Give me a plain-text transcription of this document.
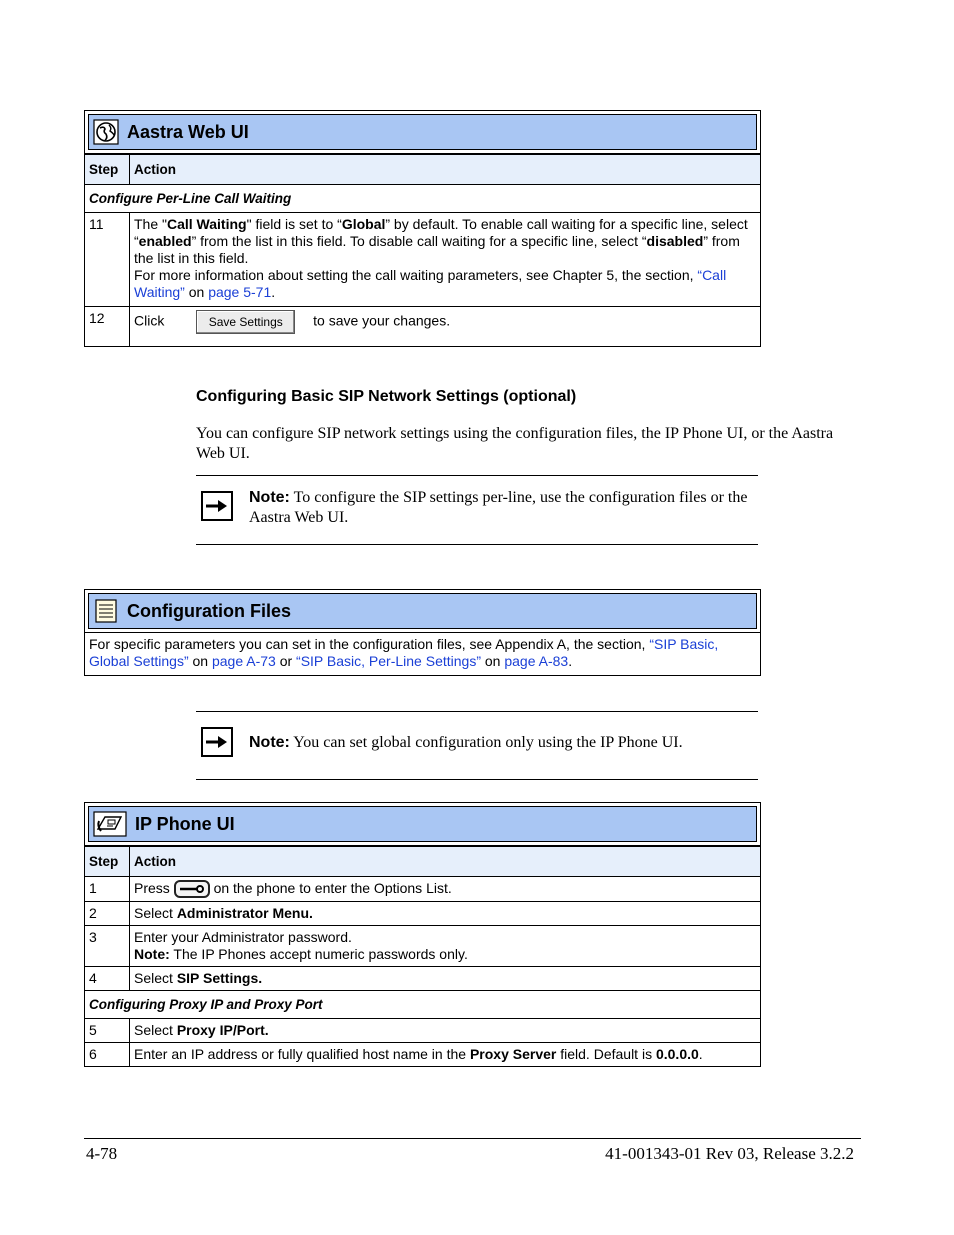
Aastra Web UI
Step	Action
Configure Per-Line Call Waiting	
11	The "Call Waiting" field is set to “Global” by default. To enable call waiting for a specific line, select “enabled” from the list in this field. To disable call waiting for a specific line, select “disabled” from the list in this field.
For more information about setting the call waiting parameters, see Chapter 5, the section, “Call Waiting” on page 5-71.
12	Click Save Settings to save your changes.
Configuring Basic SIP Network Settings (optional)
You can configure SIP network settings using the configuration files, the IP Phone UI, or the Aastra Web UI.
Note: To configure the SIP settings per-line, use the configuration files or the Aastra Web UI.
Configuration Files
For specific parameters you can set in the configuration files, see Appendix A, the section, “SIP Basic, Global Settings” on page A-73 or “SIP Basic, Per-Line Settings” on page A-83.
Note: You can set global configuration only using the IP Phone UI.
IP Phone UI
Step	Action
1	Press on the phone to enter the Options List.
2	Select Administrator Menu.
3	Enter your Administrator password.
Note: The IP Phones accept numeric passwords only.
4	Select SIP Settings.
Configuring Proxy IP and Proxy Port	
5	Select Proxy IP/Port.
6	Enter an IP address or fully qualified host name in the Proxy Server field. Default is 0.0.0.0.
4-78	41-001343-01 Rev 03, Release 3.2.2
